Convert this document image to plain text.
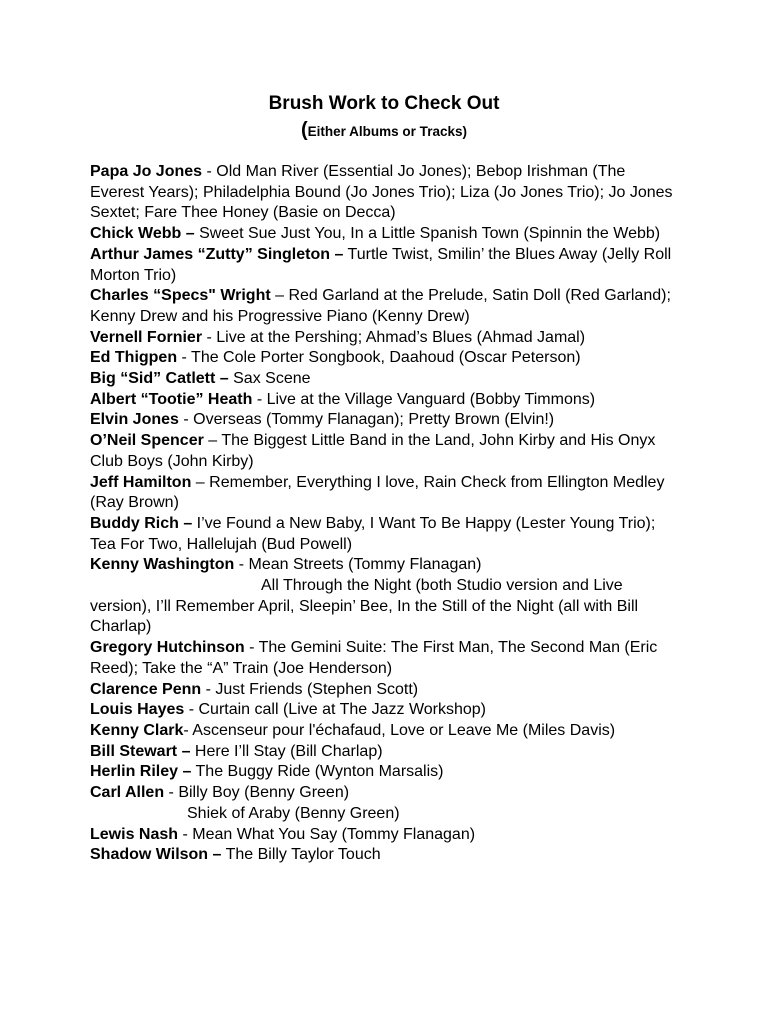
Brush Work to Check Out
(Either Albums or Tracks)

Papa Jo Jones - Old Man River (Essential Jo Jones); Bebop Irishman (The Everest Years); Philadelphia Bound (Jo Jones Trio); Liza (Jo Jones Trio); Jo Jones Sextet; Fare Thee Honey (Basie on Decca)

Chick Webb – Sweet Sue Just You, In a Little Spanish Town (Spinnin the Webb)

Arthur James “Zutty” Singleton – Turtle Twist, Smilin’ the Blues Away (Jelly Roll Morton Trio)

Charles “Specs" Wright – Red Garland at the Prelude, Satin Doll (Red Garland); Kenny Drew and his Progressive Piano (Kenny Drew)

Vernell Fornier - Live at the Pershing; Ahmad’s Blues (Ahmad Jamal)

Ed Thigpen - The Cole Porter Songbook, Daahoud (Oscar Peterson)

Big “Sid” Catlett – Sax Scene

Albert “Tootie” Heath - Live at the Village Vanguard (Bobby Timmons)

Elvin Jones - Overseas (Tommy Flanagan); Pretty Brown (Elvin!)

O’Neil Spencer – The Biggest Little Band in the Land, John Kirby and His Onyx Club Boys (John Kirby)

Jeff Hamilton – Remember, Everything I love, Rain Check from Ellington Medley (Ray Brown)

Buddy Rich – I’ve Found a New Baby, I Want To Be Happy (Lester Young Trio); Tea For Two, Hallelujah (Bud Powell)

Kenny Washington - Mean Streets (Tommy Flanagan)
All Through the Night (both Studio version and Live
version), I’ll Remember April, Sleepin’ Bee, In the Still of the Night (all with Bill Charlap)

Gregory Hutchinson - The Gemini Suite: The First Man, The Second Man (Eric Reed); Take the “A” Train (Joe Henderson)

Clarence Penn - Just Friends (Stephen Scott)

Louis Hayes - Curtain call (Live at The Jazz Workshop)

Kenny Clark- Ascenseur pour l'échafaud, Love or Leave Me (Miles Davis)

Bill Stewart – Here I’ll Stay (Bill Charlap)

Herlin Riley – The Buggy Ride (Wynton Marsalis)

Carl Allen - Billy Boy (Benny Green)
Shiek of Araby (Benny Green)

Lewis Nash - Mean What You Say (Tommy Flanagan)

Shadow Wilson – The Billy Taylor Touch
